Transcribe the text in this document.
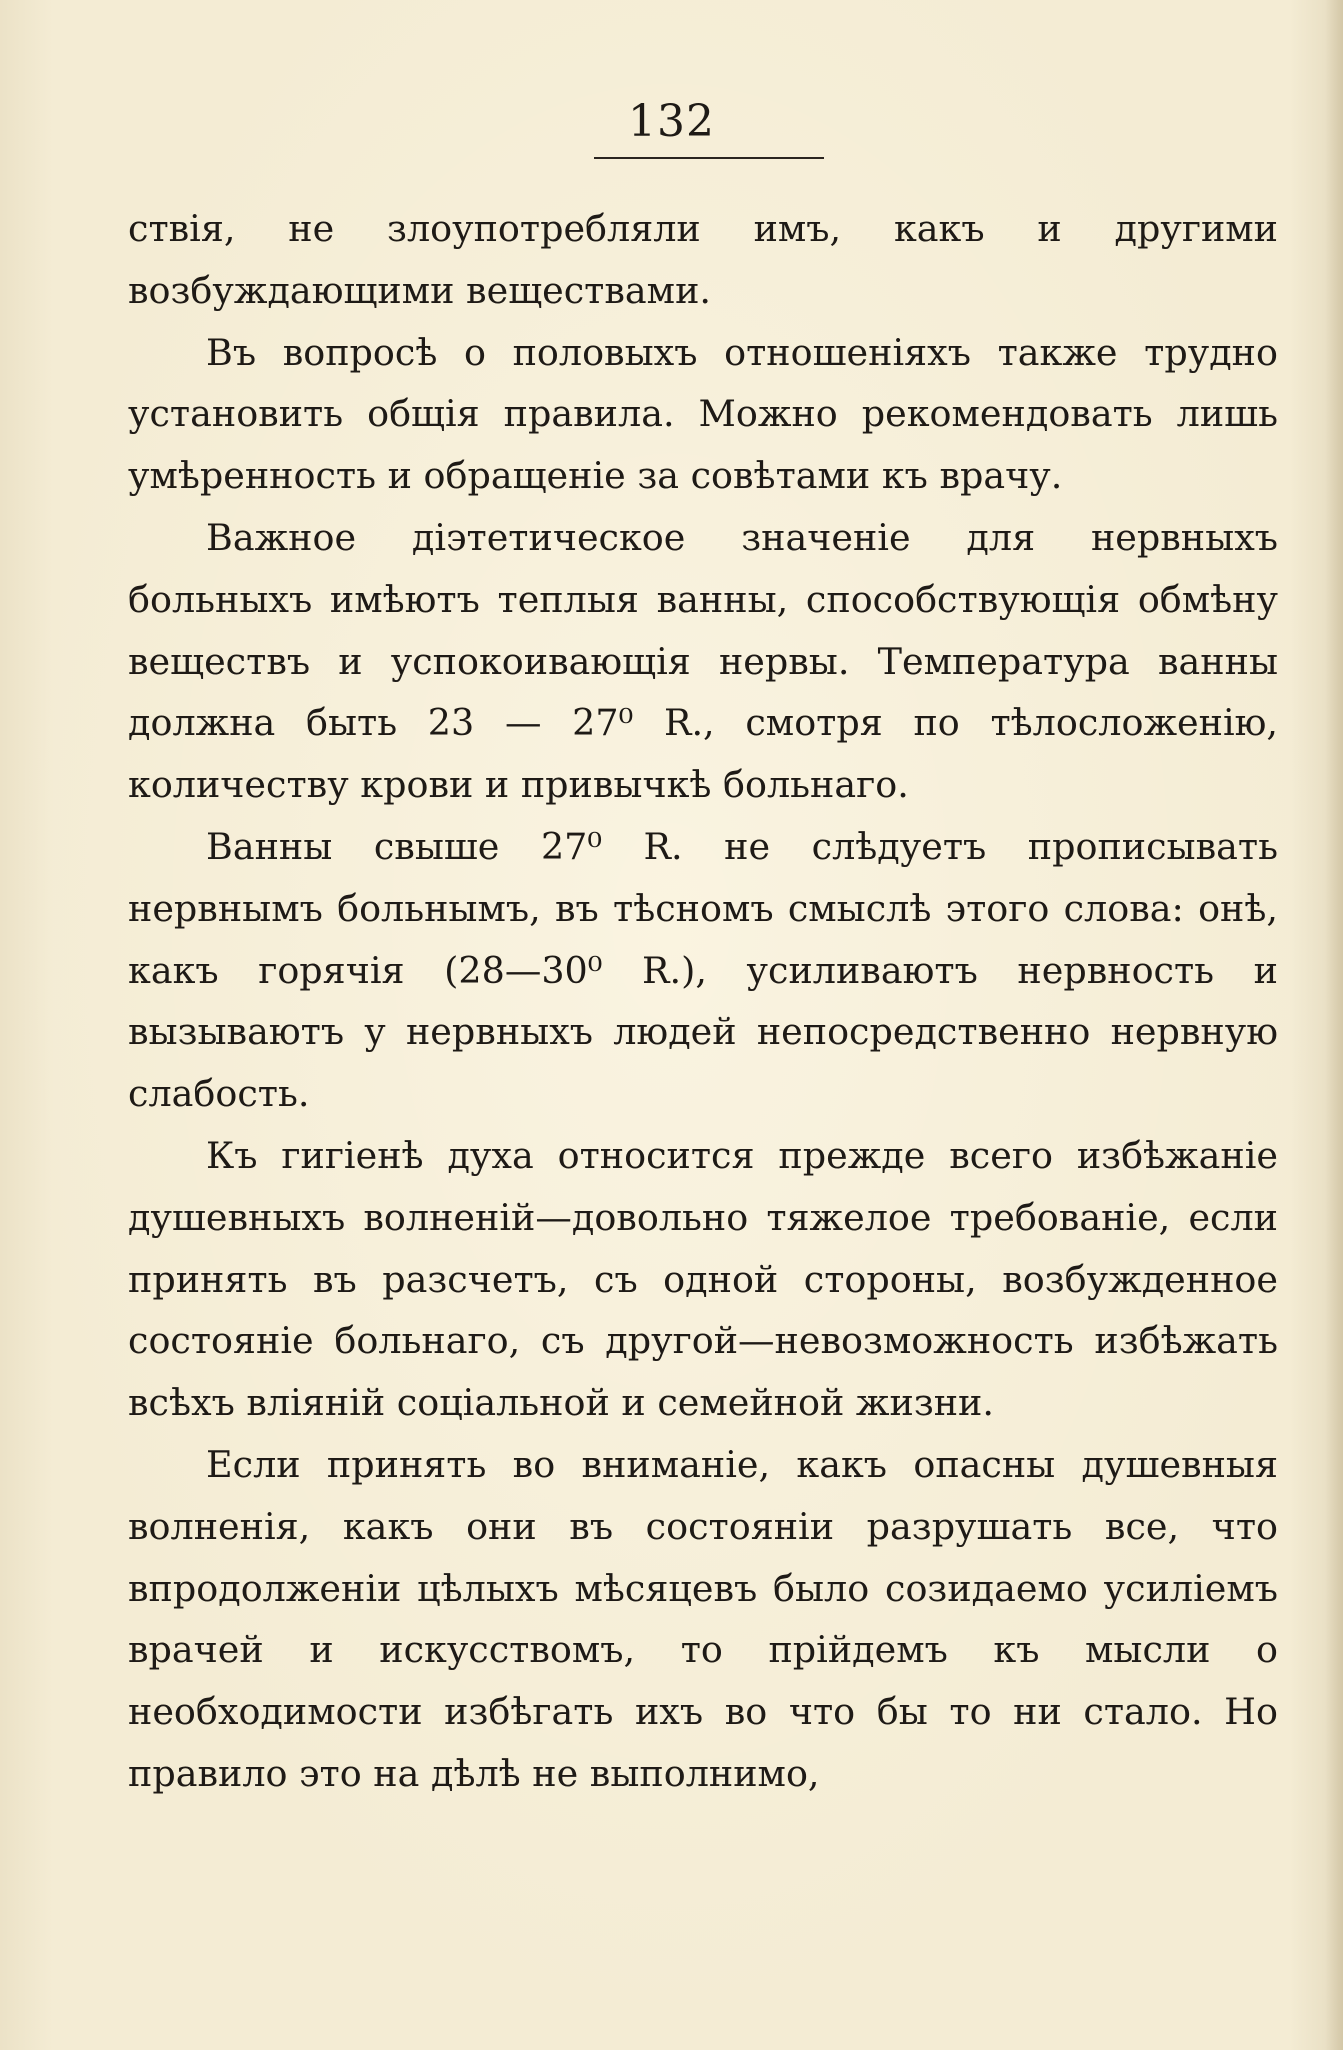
132

ствія, не злоупотребляли имъ, какъ и другими возбуждающими веществами.

Въ вопросѣ о половыхъ отношеніяхъ также трудно установить общія правила. Можно рекомендовать лишь умѣренность и обращеніе за совѣтами къ врачу.

Важное діэтетическое значеніе для нервныхъ больныхъ имѣютъ теплыя ванны, способствующія обмѣну веществъ и успокоивающія нервы. Температура ванны должна быть 23 — 27⁰ R., смотря по тѣлосложенію, количеству крови и привычкѣ больнаго.

Ванны свыше 27⁰ R. не слѣдуетъ прописывать нервнымъ больнымъ, въ тѣсномъ смыслѣ этого слова: онѣ, какъ горячія (28—30⁰ R.), усиливаютъ нервность и вызываютъ у нервныхъ людей непосредственно нервную слабость.

Къ гигіенѣ духа относится прежде всего избѣжаніе душевныхъ волненій—довольно тяжелое требованіе, если принять въ разсчетъ, съ одной стороны, возбужденное состояніе больнаго, съ другой—невозможность избѣжать всѣхъ вліяній соціальной и семейной жизни.

Если принять во вниманіе, какъ опасны душевныя волненія, какъ они въ состояніи разрушать все, что впродолженіи цѣлыхъ мѣсяцевъ было созидаемо усиліемъ врачей и искусствомъ, то прійдемъ къ мысли о необходимости избѣгать ихъ во что бы то ни стало. Но правило это на дѣлѣ не выполнимо,
